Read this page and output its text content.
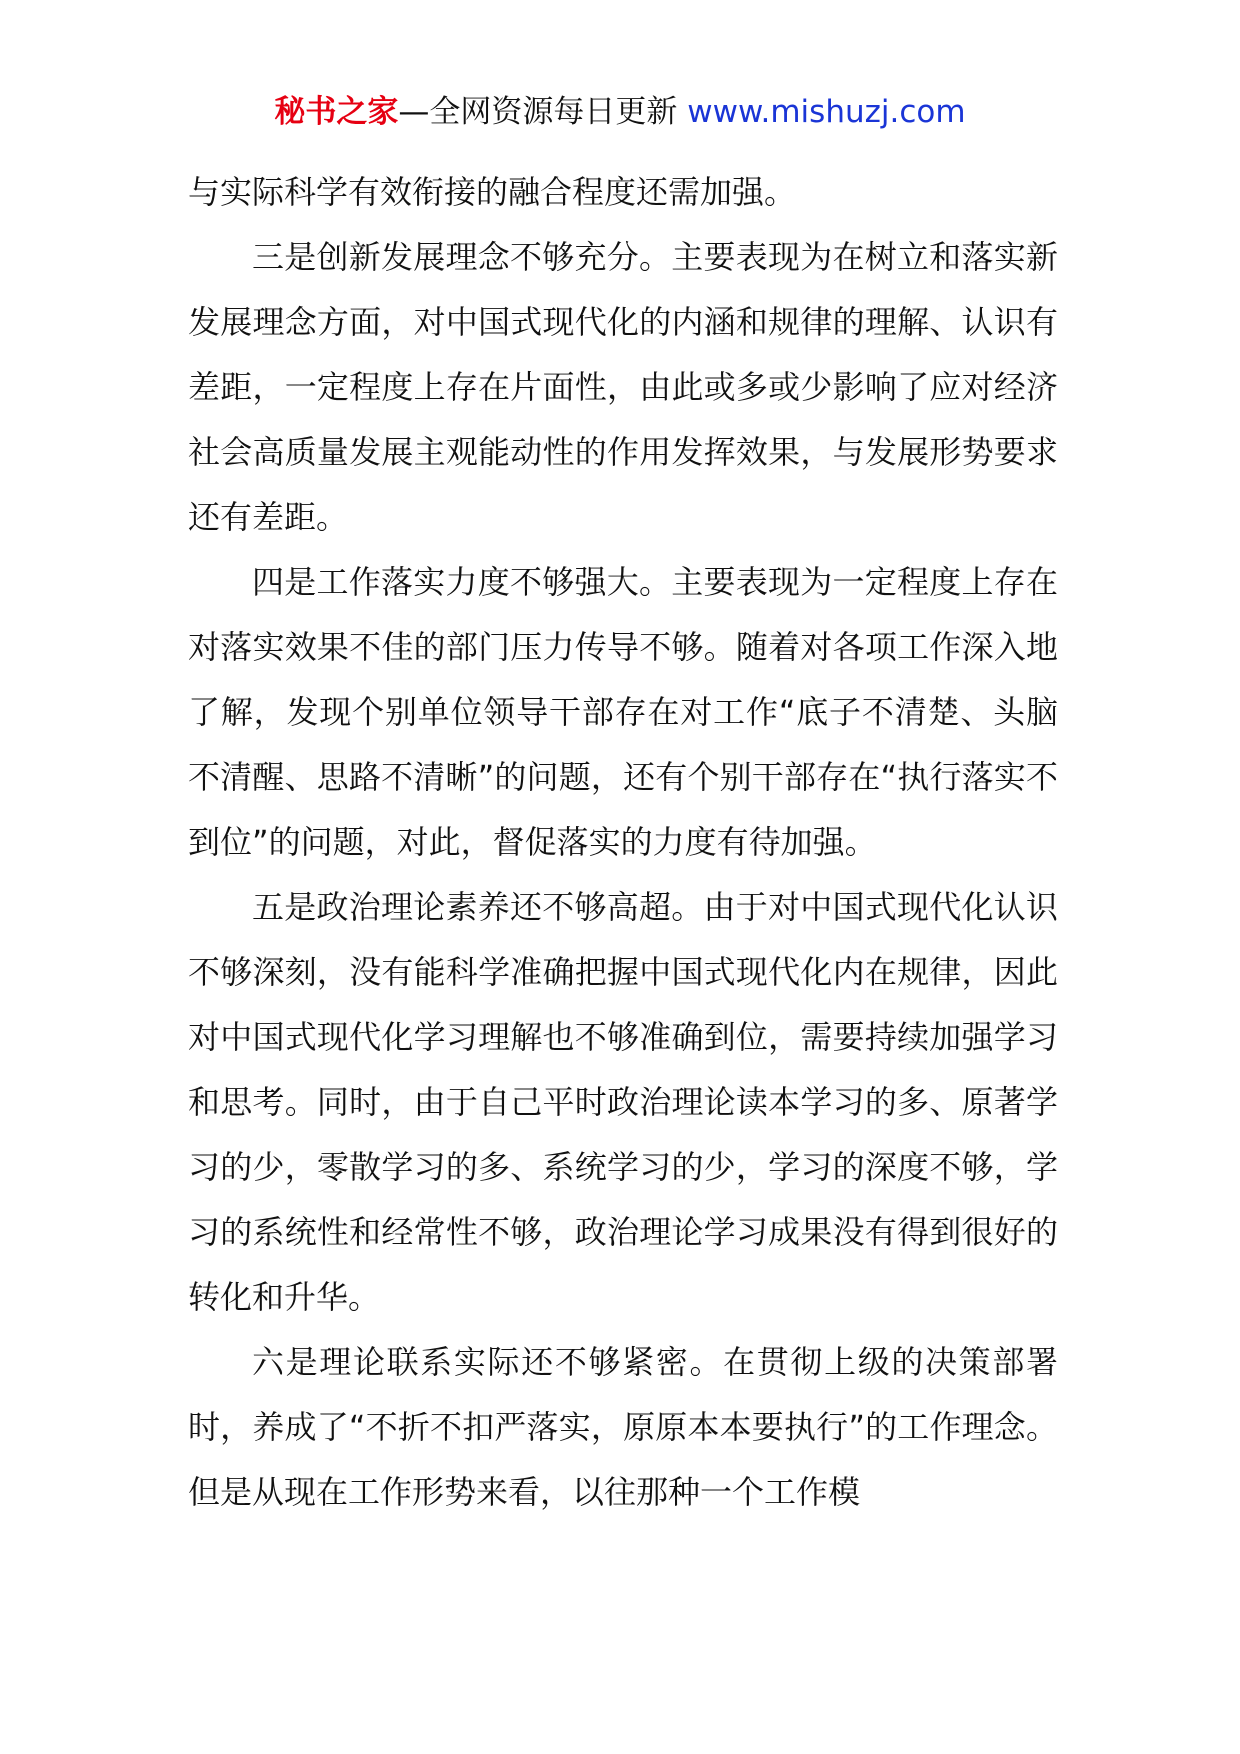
秘书之家—全网资源每日更新 www.mishuzj.com

与实际科学有效衔接的融合程度还需加强。

三是创新发展理念不够充分。主要表现为在树立和落实新发展理念方面，对中国式现代化的内涵和规律的理解、认识有差距，一定程度上存在片面性，由此或多或少影响了应对经济社会高质量发展主观能动性的作用发挥效果，与发展形势要求还有差距。

四是工作落实力度不够强大。主要表现为一定程度上存在对落实效果不佳的部门压力传导不够。随着对各项工作深入地了解，发现个别单位领导干部存在对工作“底子不清楚、头脑不清醒、思路不清晰”的问题，还有个别干部存在“执行落实不到位”的问题，对此，督促落实的力度有待加强。

五是政治理论素养还不够高超。由于对中国式现代化认识不够深刻，没有能科学准确把握中国式现代化内在规律，因此对中国式现代化学习理解也不够准确到位，需要持续加强学习和思考。同时，由于自己平时政治理论读本学习的多、原著学习的少，零散学习的多、系统学习的少，学习的深度不够，学习的系统性和经常性不够，政治理论学习成果没有得到很好的转化和升华。

六是理论联系实际还不够紧密。在贯彻上级的决策部署时，养成了“不折不扣严落实，原原本本要执行”的工作理念。但是从现在工作形势来看，以往那种一个工作模
